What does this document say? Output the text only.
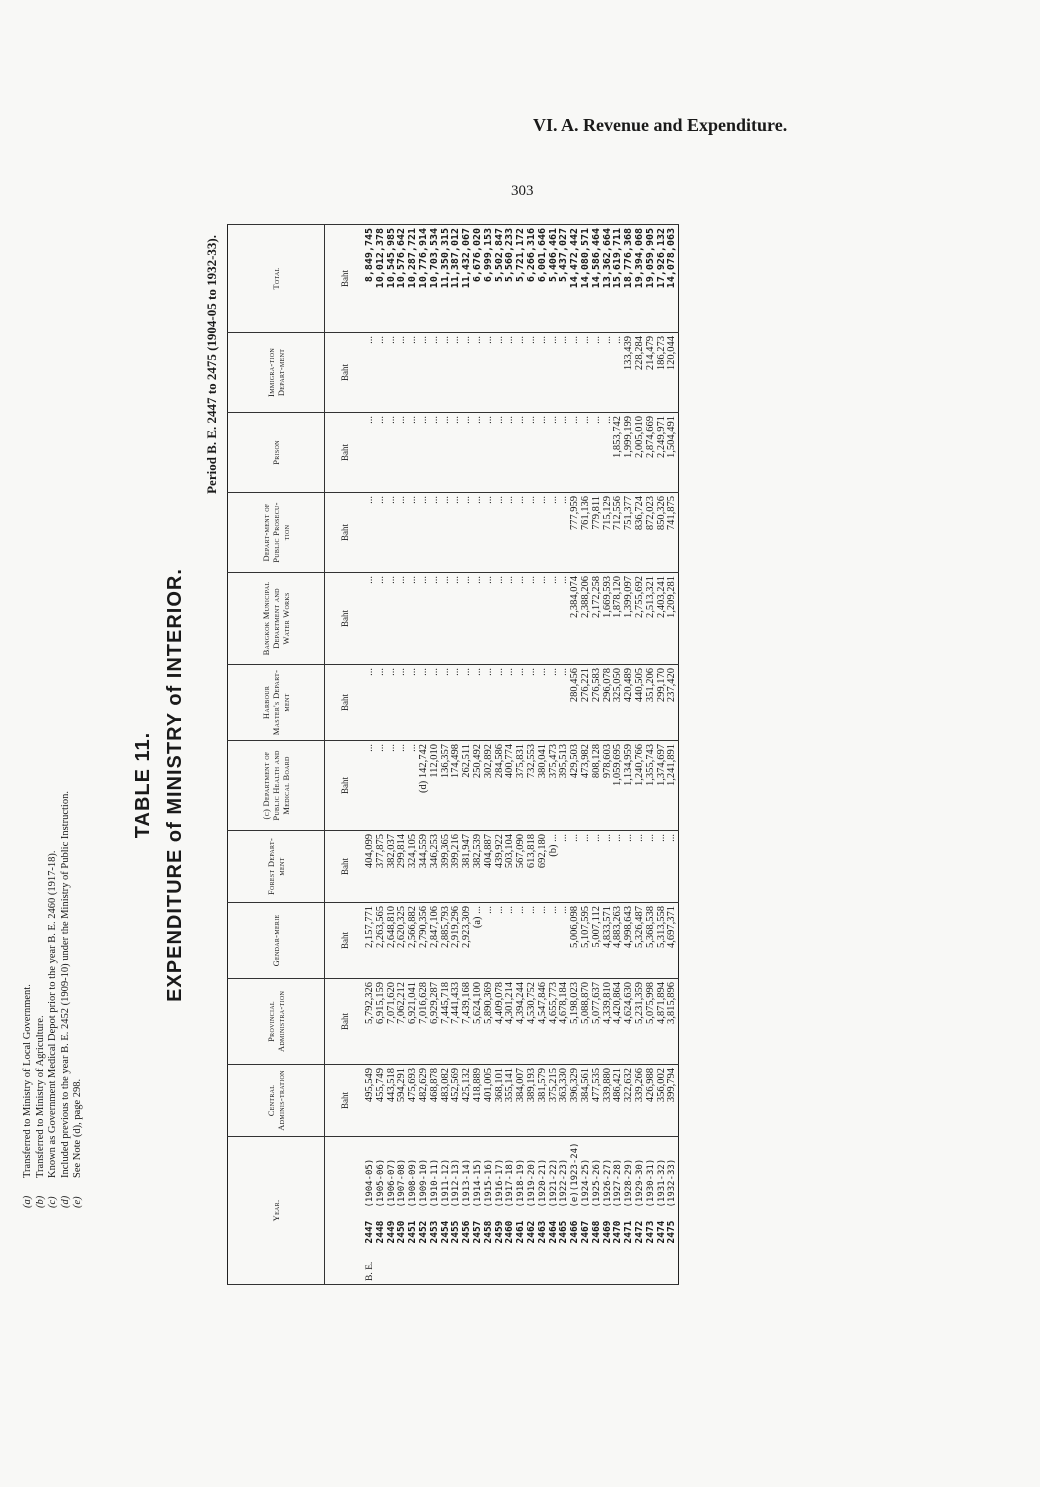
VI. A. Revenue and Expenditure.
303
TABLE 11. EXPENDITURE of MINISTRY of INTERIOR.
Period B. E. 2447 to 2475 (1904-05 to 1932-33).
Year.			Central Adminis-tration	Provincial Administra-tion	Gendar-merie	Forest Depart-ment	(c) Department of Public Health and Medical Board	Harbour Master's Depart-ment	Bangkok Municipal Department and Water Works	Depart-ment of Public Prosecu-tion	Prison	Immigra-tion Depart-ment	Total
			Baht	Baht	Baht	Baht	Baht	Baht	Baht	Baht	Baht	Baht	Baht
B. E.	2447	(1904-05)	495,549	5,792,326	2,157,771	404,099	...	...	...	...	...	...	8,849,745
	2448	(1905-06)	455,749	6,915,159	2,263,565	377,875	...	...	...	...	...	...	10,012,378
	2449	(1906-07)	443,518	7,071,620	2,648,810	382,037	...	...	...	...	...	...	10,545,985
	2450	(1907-08)	594,291	7,062,212	2,620,325	299,814	...	...	...	...	...	...	10,576,642
	2451	(1908-09)	475,693	6,921,041	2,566,882	324,105	...	...	...	...	...	...	10,287,721
	2452	(1909-10)	482,629	7,016,628	2,790,356	344,559	(d) 142,742	...	...	...	...	...	10,776,914
	2453	(1910-11)	468,878	6,929,287	2,847,106	346,253	112,010	...	...	...	...	...	10,703,534
	2454	(1911-12)	483,082	7,445,718	2,885,793	399,365	136,357	...	...	...	...	...	11,350,315
	2455	(1912-13)	452,569	7,441,433	2,919,296	399,216	174,498	...	...	...	...	...	11,387,012
	2456	(1913-14)	425,132	7,439,168	2,923,309	381,947	262,511	...	...	...	...	...	11,432,067
	2457	(1914-15)	418,889	5,624,100	(a) ...	382,539	250,492	...	...	...	...	...	6,676,020
	2458	(1915-16)	401,005	5,890,369	...	404,887	302,892	...	...	...	...	...	6,999,153
	2459	(1916-17)	368,101	4,409,078	...	439,922	284,586	...	...	...	...	...	5,502,847
	2460	(1917-18)	355,141	4,301,214	...	503,104	400,774	...	...	...	...	...	5,560,233
	2461	(1918-19)	384,007	4,394,244	...	567,090	375,831	...	...	...	...	...	5,721,172
	2462	(1919-20)	389,193	4,530,752	...	613,818	732,553	...	...	...	...	...	6,266,316
	2463	(1920-21)	381,579	4,547,846	...	692,180	380,041	...	...	...	...	...	6,001,646
	2464	(1921-22)	375,215	4,655,773	...	(b) ...	375,473	...	...	...	...	...	5,406,461
	2465	(1922-23)	363,330	4,678,184	...	...	395,513	...	...	...	...	...	5,437,027
	2466	(e)(1923-24)	396,329	5,198,023	5,006,098	...	429,503	280,456	2,384,074	777,959	...	...	14,472,442
	2467	(1924-25)	384,561	5,088,870	5,107,595	...	473,982	276,221	2,388,206	761,136	...	...	14,080,571
	2468	(1925-26)	477,535	5,077,637	5,007,112	...	808,128	276,583	2,172,258	779,811	...	...	14,586,464
	2469	(1926-27)	339,880	4,339,810	4,833,571	...	978,603	296,078	1,669,593	715,129	...	...	13,362,664
	2470	(1927-28)	486,421	4,420,864	4,883,263	...	1,059,695	325,050	1,878,120	712,556	1,853,742	...	15,619,711
	2471	(1928-29)	322,632	4,624,630	4,998,643	...	1,134,959	420,489	1,399,097	751,377	1,999,199	133,439	18,776,368
	2472	(1929-30)	339,266	5,231,359	5,326,487	...	1,240,766	440,505	2,755,692	836,724	2,005,010	228,284	19,394,068
	2473	(1930-31)	426,988	5,075,998	5,368,538	...	1,355,743	351,206	2,513,321	872,023	2,874,669	214,479	19,059,905
	2474	(1931-32)	356,002	4,871,894	5,313,558	...	1,374,697	299,170	2,403,241	850,326	2,249,971	186,273	17,926,132
	2475	(1932-33)	399,794	3,815,896	4,697,371	...	1,241,891	237,420	1,209,281	741,875	1,504,491	120,044	14,078,063
(a)Transferred to Ministry of Local Government.
(b)Transferred to Ministry of Agriculture.
(c)Known as Government Medical Depot prior to the year B. E. 2460 (1917-18).
(d)Included previous to the year B. E. 2452 (1909-10) under the Ministry of Public Instruction.
(e)See Note (d), page 298.
